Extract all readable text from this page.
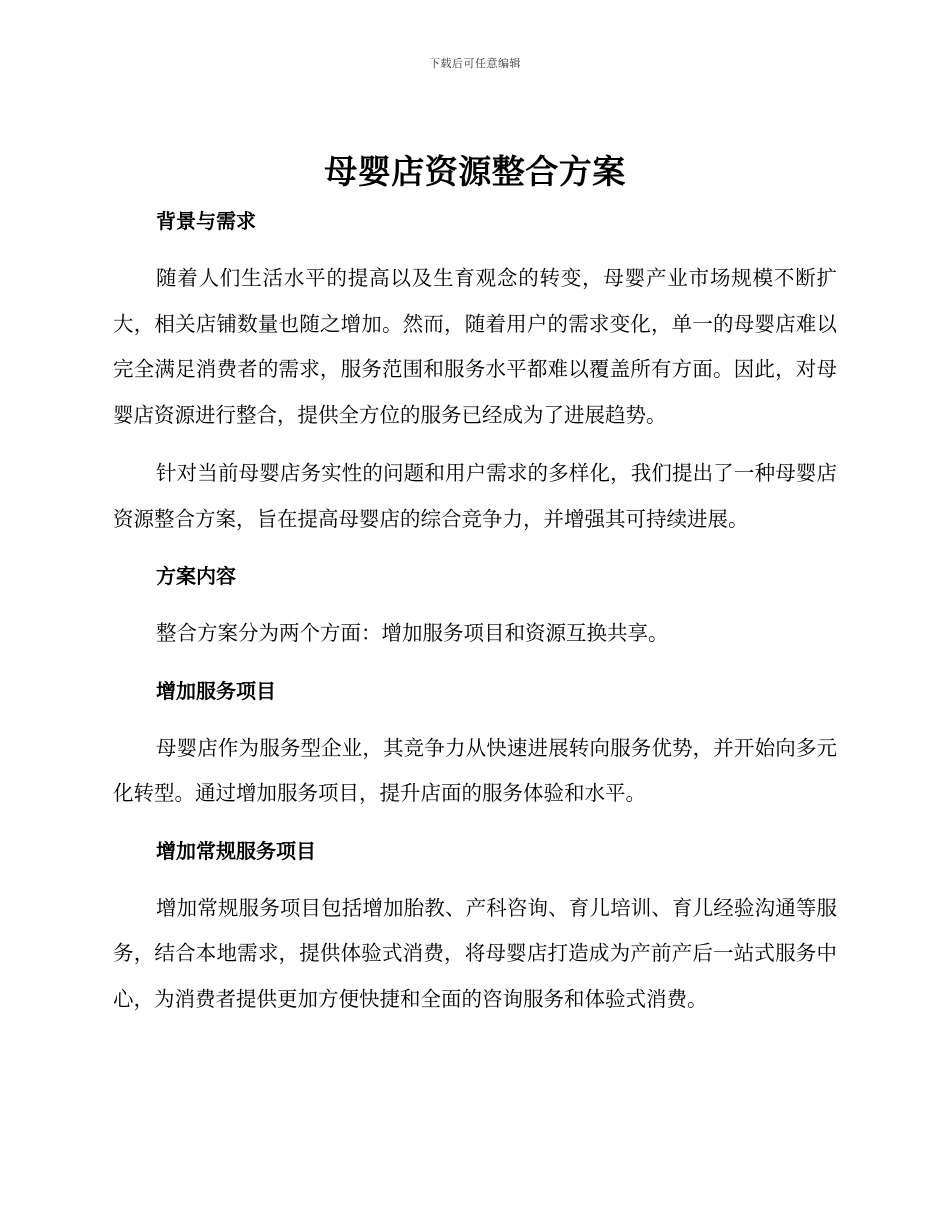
下载后可任意编辑
母婴店资源整合方案

背景与需求

随着人们生活水平的提高以及生育观念的转变，母婴产业市场规模不断扩大，相关店铺数量也随之增加。然而，随着用户的需求变化，单一的母婴店难以完全满足消费者的需求，服务范围和服务水平都难以覆盖所有方面。因此，对母婴店资源进行整合，提供全方位的服务已经成为了进展趋势。

针对当前母婴店务实性的问题和用户需求的多样化，我们提出了一种母婴店资源整合方案，旨在提高母婴店的综合竞争力，并增强其可持续进展。

方案内容

整合方案分为两个方面：增加服务项目和资源互换共享。

增加服务项目

母婴店作为服务型企业，其竞争力从快速进展转向服务优势，并开始向多元化转型。通过增加服务项目，提升店面的服务体验和水平。

增加常规服务项目

增加常规服务项目包括增加胎教、产科咨询、育儿培训、育儿经验沟通等服务，结合本地需求，提供体验式消费，将母婴店打造成为产前产后一站式服务中心，为消费者提供更加方便快捷和全面的咨询服务和体验式消费。
